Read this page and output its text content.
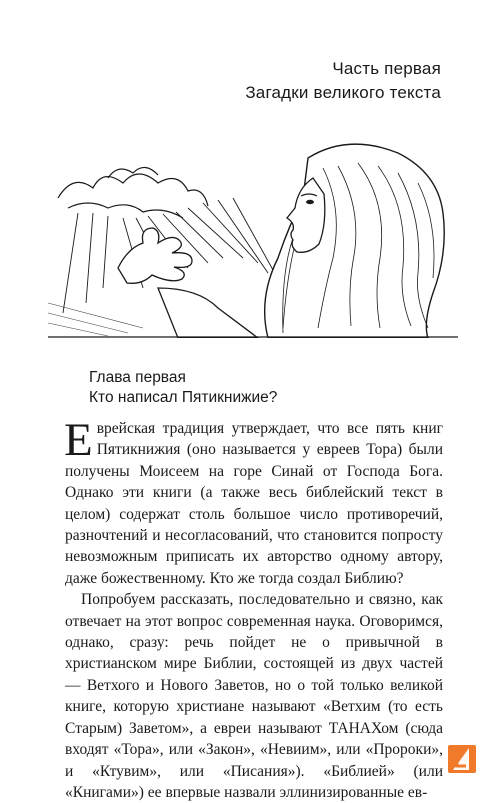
Часть первая
Загадки великого текста
Глава первая
Кто написал Пятикнижие?

Еврейская традиция утверждает, что все пять книг Пятикнижия (оно называется у евреев Тора) были получены Моисеем на горе Синай от Господа Бога. Однако эти книги (а также весь библейский текст в целом) содержат столь большое число противоречий, разночтений и несогласований, что становится попросту невозможным приписать их авторство одному автору, даже божественному. Кто же тогда создал Библию?

Попробуем рассказать, последовательно и связно, как отвечает на этот вопрос современная наука. Оговоримся, однако, сразу: речь пойдет не о привычной в христианском мире Библии, состоящей из двух частей — Ветхого и Нового Заветов, но о той только великой книге, которую христиане называют «Ветхим (то есть Старым) Заветом», а евреи называют ТАНАХом (сюда входят «Тора», или «Закон», «Невиим», или «Пророки», и «Ктувим», или «Писания»). «Библией» (или «Книгами») ее впервые назвали эллинизированные ев-
